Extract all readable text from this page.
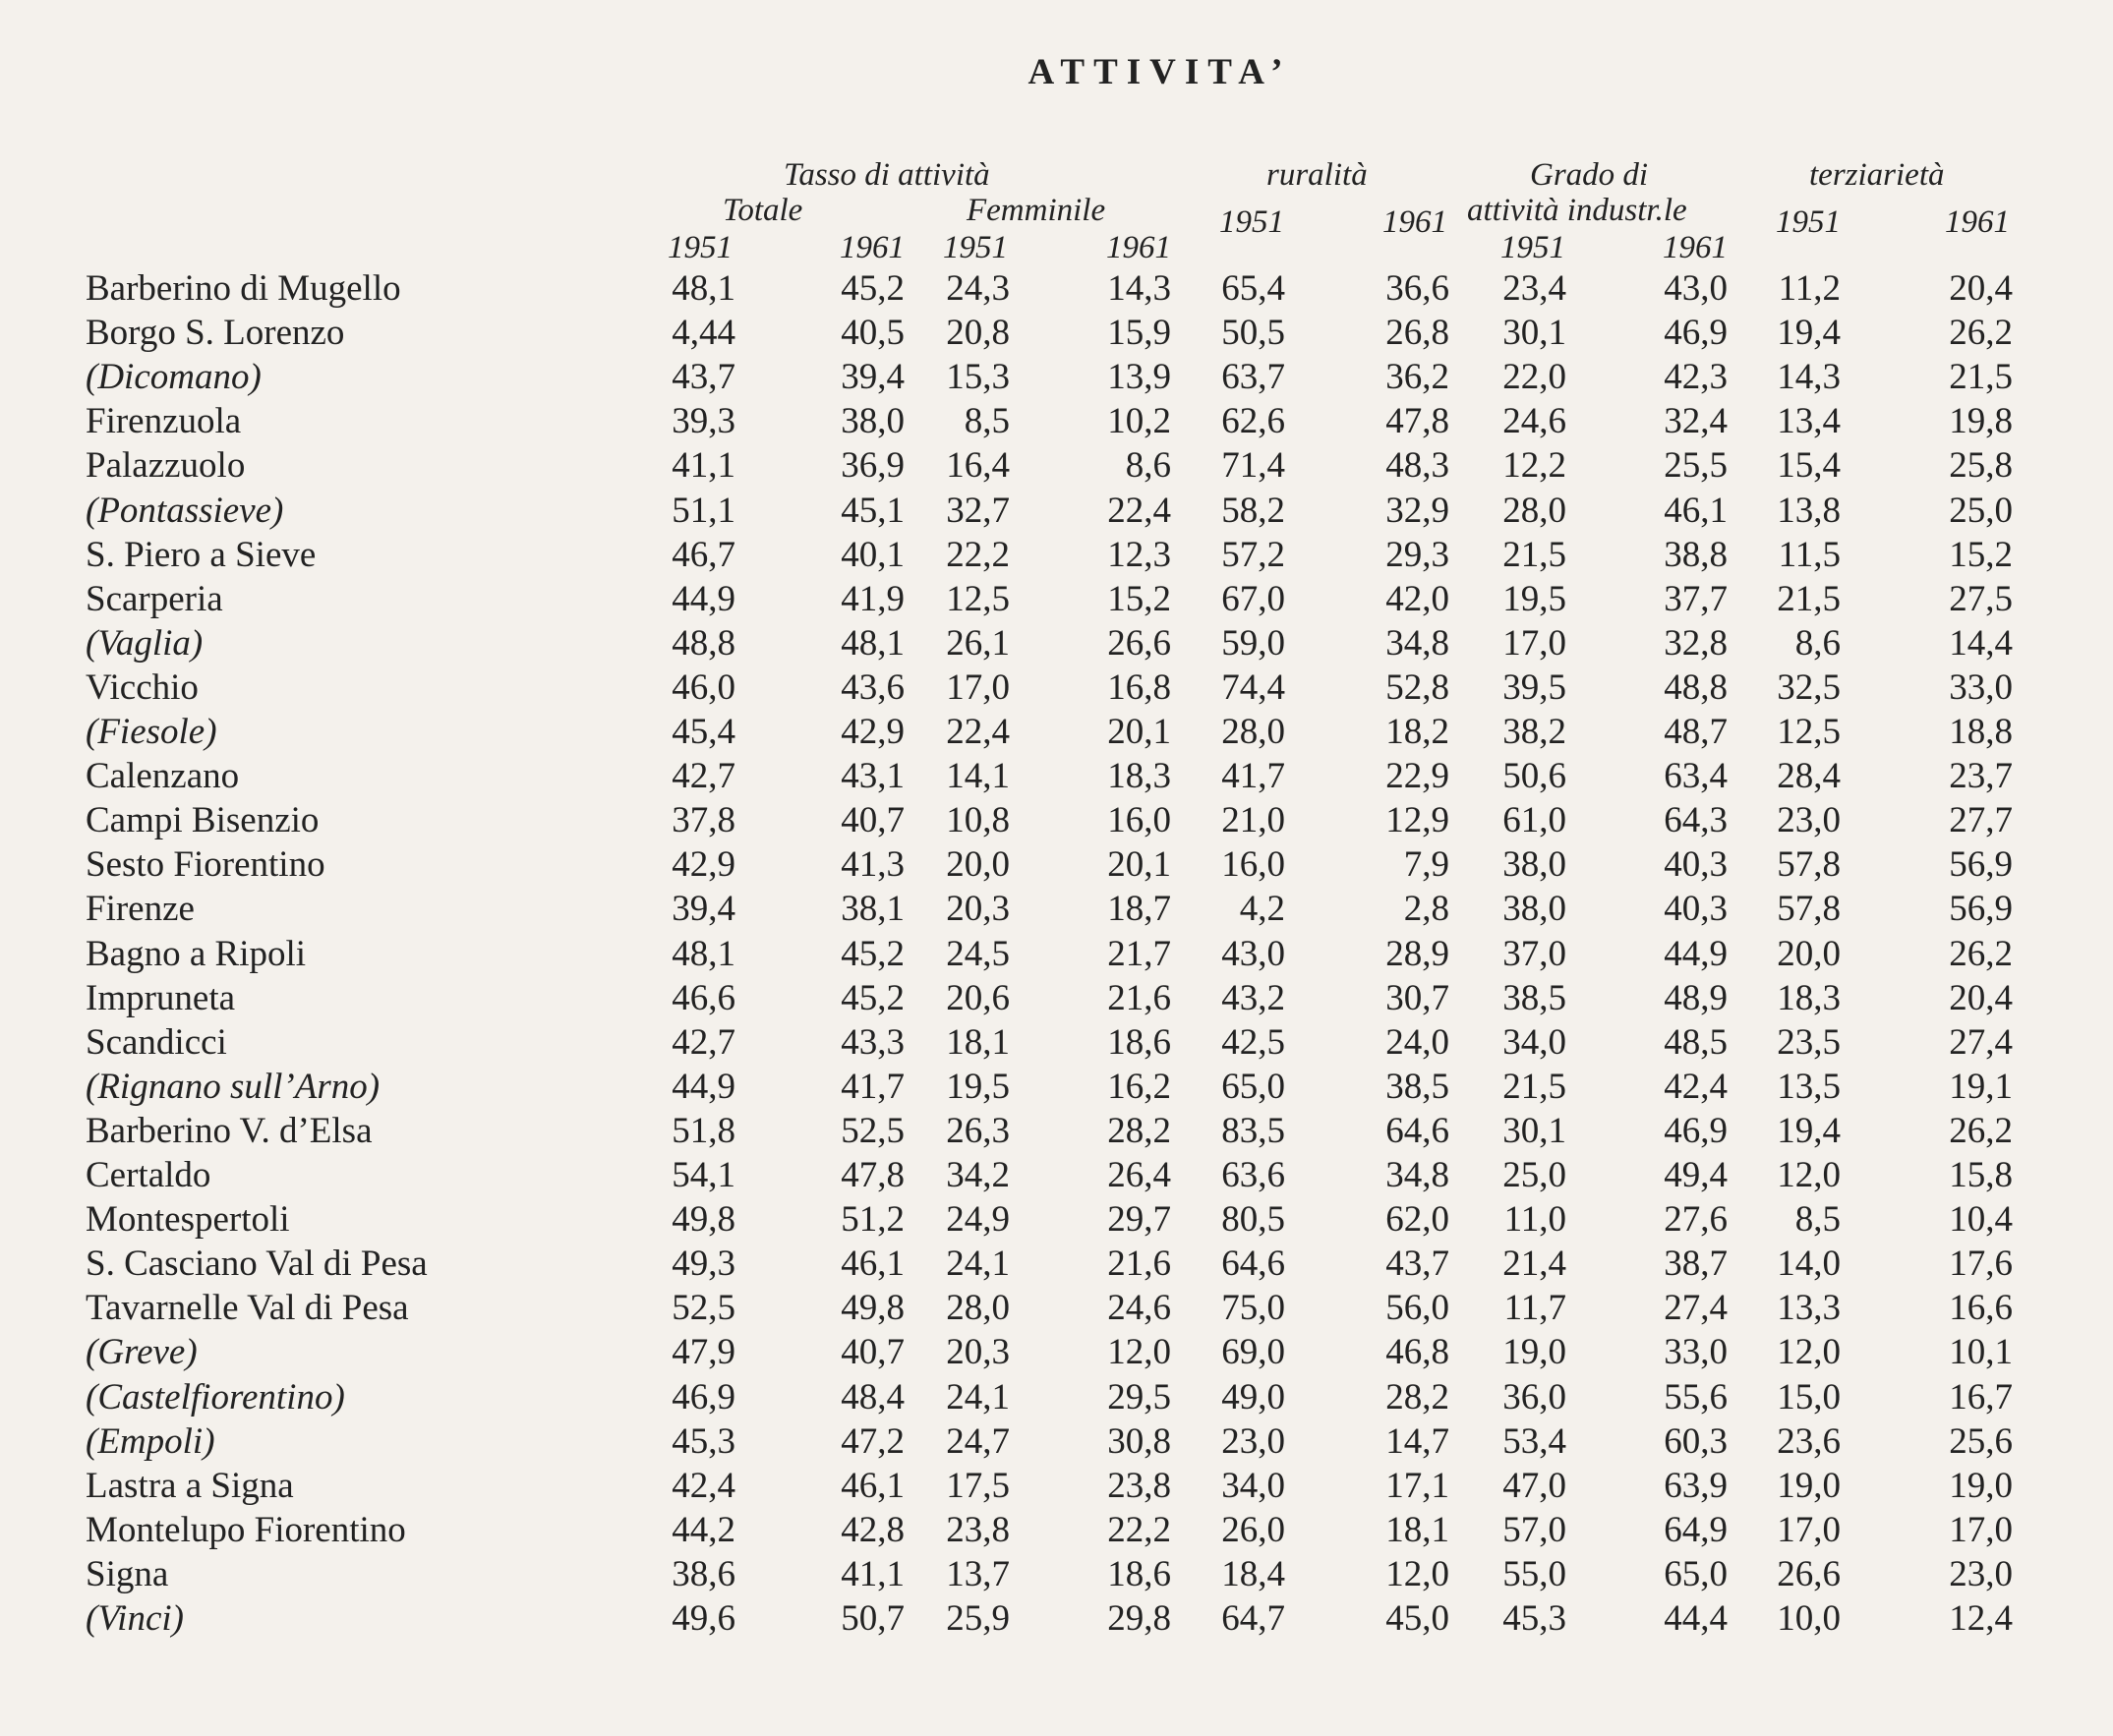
ATTIVITA’
Tasso di attività
Totale	Femminile
ruralità	Grado di
attività industr.le
terziarietà
1951	1961 1951	1961
1951	1961
1951	1961
1951	1961
Barberino di Mugello	48,1	45,2 24,3	14,3 65,4	36,6 23,4	43,0 11,2	20,4
Borgo S. Lorenzo	4,44	40,5 20,8	15,9 50,5	26,8 30,1	46,9 19,4	26,2
(Dicomano)	43,7	39,4 15,3	13,9 63,7	36,2 22,0	42,3 14,3	21,5
Firenzuola	39,3	38,0 8,5	10,2 62,6	47,8 24,6	32,4 13,4	19,8
Palazzuolo	41,1	36,9 16,4	8,6 71,4	48,3 12,2	25,5 15,4	25,8
(Pontassieve)	51,1	45,1 32,7	22,4 58,2	32,9 28,0	46,1 13,8	25,0
S. Piero a Sieve	46,7	40,1 22,2	12,3 57,2	29,3 21,5	38,8 11,5	15,2
Scarperia	44,9	41,9 12,5	15,2 67,0	42,0 19,5	37,7 21,5	27,5
(Vaglia)	48,8	48,1 26,1	26,6 59,0	34,8 17,0	32,8 8,6	14,4
Vicchio	46,0	43,6 17,0	16,8 74,4	52,8 39,5	48,8 32,5	33,0
(Fiesole)	45,4	42,9 22,4	20,1 28,0	18,2 38,2	48,7 12,5	18,8
Calenzano	42,7	43,1 14,1	18,3 41,7	22,9 50,6	63,4 28,4	23,7
Campi Bisenzio	37,8	40,7 10,8	16,0 21,0	12,9 61,0	64,3 23,0	27,7
Sesto Fiorentino	42,9	41,3 20,0	20,1 16,0	7,9 38,0	40,3 57,8	56,9
Firenze	39,4	38,1 20,3	18,7 4,2	2,8 38,0	40,3 57,8	56,9
Bagno a Ripoli	48,1	45,2 24,5	21,7 43,0	28,9 37,0	44,9 20,0	26,2
Impruneta	46,6	45,2 20,6	21,6 43,2	30,7 38,5	48,9 18,3	20,4
Scandicci	42,7	43,3 18,1	18,6 42,5	24,0 34,0	48,5 23,5	27,4
(Rignano sull’Arno)	44,9	41,7 19,5	16,2 65,0	38,5 21,5	42,4 13,5	19,1
Barberino V. d’Elsa	51,8	52,5 26,3	28,2 83,5	64,6 30,1	46,9 19,4	26,2
Certaldo	54,1	47,8 34,2	26,4 63,6	34,8 25,0	49,4 12,0	15,8
Montespertoli	49,8	51,2 24,9	29,7 80,5	62,0 11,0	27,6 8,5	10,4
S. Casciano Val di Pesa	49,3	46,1 24,1	21,6 64,6	43,7 21,4	38,7 14,0	17,6
Tavarnelle Val di Pesa	52,5	49,8 28,0	24,6 75,0	56,0 11,7	27,4 13,3	16,6
(Greve)	47,9	40,7 20,3	12,0 69,0	46,8 19,0	33,0 12,0	10,1
(Castelfiorentino)	46,9	48,4 24,1	29,5 49,0	28,2 36,0	55,6 15,0	16,7
(Empoli)	45,3	47,2 24,7	30,8 23,0	14,7 53,4	60,3 23,6	25,6
Lastra a Signa	42,4	46,1 17,5	23,8 34,0	17,1 47,0	63,9 19,0	19,0
Montelupo Fiorentino	44,2	42,8 23,8	22,2 26,0	18,1 57,0	64,9 17,0	17,0
Signa	38,6	41,1 13,7	18,6 18,4	12,0 55,0	65,0 26,6	23,0
(Vinci)	49,6	50,7 25,9	29,8 64,7	45,0 45,3	44,4 10,0	12,4
